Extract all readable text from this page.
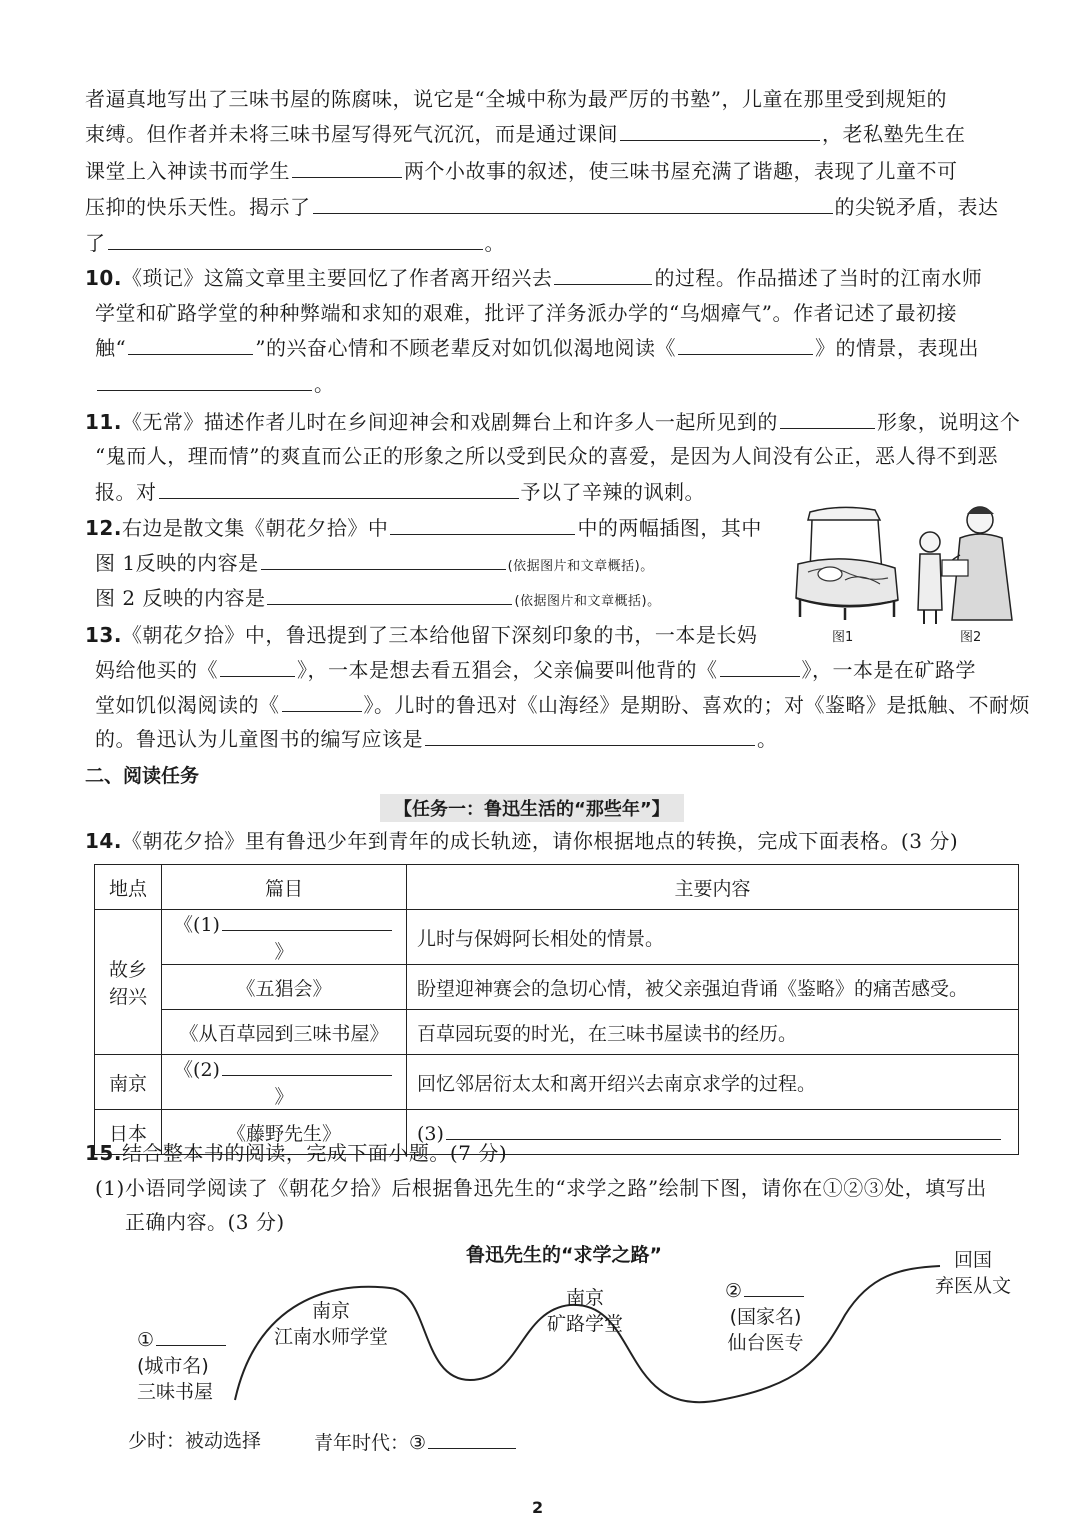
者逼真地写出了三味书屋的陈腐味，说它是“全城中称为最严厉的书塾”，儿童在那里受到规矩的
束缚。但作者并未将三味书屋写得死气沉沉，而是通过课间	，老私塾先生在
课堂上入神读书而学生	两个小故事的叙述，使三味书屋充满了谐趣，表现了儿童不可
压抑的快乐天性。揭示了	的尖锐矛盾，表达
了	。
10.《琐记》这篇文章里主要回忆了作者离开绍兴去	的过程。作品描述了当时的江南水师
学堂和矿路学堂的种种弊端和求知的艰难，批评了洋务派办学的“乌烟瘴气”。作者记述了最初接
触“	”的兴奋心情和不顾老辈反对如饥似渴地阅读《	》的情景，表现出
。
11.《无常》描述作者儿时在乡间迎神会和戏剧舞台上和许多人一起所见到的	形象，说明这个
“鬼而人，理而情”的爽直而公正的形象之所以受到民众的喜爱，是因为人间没有公正，恶人得不到恶
报。对	予以了辛辣的讽刺。
12.右边是散文集《朝花夕拾》中	中的两幅插图，其中
图 1反映的内容是	(依据图片和文章概括)。
图 2 反映的内容是	(依据图片和文章概括)。
图1	图2
13.《朝花夕拾》中，鲁迅提到了三本给他留下深刻印象的书，一本是长妈
妈给他买的《	》，一本是想去看五猖会，父亲偏要叫他背的《	》，一本是在矿路学
堂如饥似渴阅读的《	》。儿时的鲁迅对《山海经》是期盼、喜欢的；对《鉴略》是抵触、不耐烦
的。鲁迅认为儿童图书的编写应该是	。
二、阅读任务
【任务一：鲁迅生活的“那些年”】
14.《朝花夕拾》里有鲁迅少年到青年的成长轨迹，请你根据地点的转换，完成下面表格。(3 分)
地点	篇目	主要内容

故乡
绍兴	《(1)》	儿时与保姆阿长相处的情景。
	《五猖会》	盼望迎神赛会的急切心情，被父亲强迫背诵《鉴略》的痛苦感受。
	《从百草园到三味书屋》	百草园玩耍的时光，在三味书屋读书的经历。
南京	《(2)》	回忆邻居衍太太和离开绍兴去南京求学的过程。
日本	《藤野先生》	(3)
15.结合整本书的阅读，完成下面小题。(7 分)
(1)小语同学阅读了《朝花夕拾》后根据鲁迅先生的“求学之路”绘制下图，请你在①②③处，填写出
正确内容。(3 分)
鲁迅先生的“求学之路”
①
(城市名)
三味书屋
南京
江南水师学堂
南京
矿路学堂
②
(国家名)
仙台医专
回国
弃医从文
少时：被动选择	青年时代：③
2
